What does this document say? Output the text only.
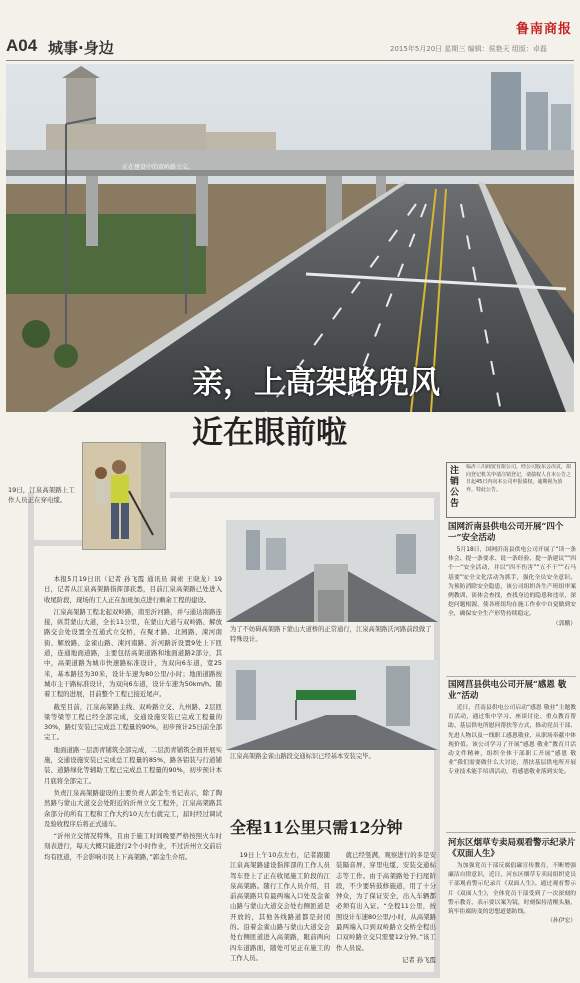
鲁南商报
A04 城事·身边	2015年5月20日 星期三 编辑：侯艳天 组版：卓磊
正在建设中的双岭路立交。
亲，上高架路兜风
近在眼前啦
19日，江泉高架路上工作人员正在穿电缆。

本报5月19日讯（记者 孙飞霞 通讯员 阎索 王晓龙）19日，记者从江泉高架路指挥部获悉，目前江泉高架路已处进入收尾阶段，现场的工人正在加班加点进行剩余工程的建设。

江泉高架路工程北起双岭路，南至沂河路，并与通达南路连接，纵贯蒙山大道，全长11公里，在蒙山大道与双岭路、解放路交会处设置全互通式立交桥，在聚才路、北园路、涑河南街、解放路、金雀山路、涑河南路、沂河路沂设置9处上下匝道，连通地面道路，主要包括高架道路和地面道路2部分，其中，高架道路为城市快速路标准设计，为双向6车道，宽25米，基本路径为30米，设计车速为80公里/小时；地面道路按城市主干路标准设计，为双向6车道，设计车速为50km/h。随着工程的进展，目前整个工程已接近尾声。

截至目前，江泉高架路主线、双岭路立交、九州路、2层匝梁等梁等工程已经全部完成，交通设施安装已完成工程量的30%，路灯安装已完成总工程量的90%，初步预计25日前全部完工。

地面道路一层沥青铺筑全部完成，二层沥青铺筑全面开展实施，交通设施安装已完成总工程量的85%，路各铝装与行道铺装、道路绿化等辅助工程已完成总工程量的90%，初步预计本月底将全部完工。

负责江泉高架路建设的主要负责人郭金生书记表示，除了陶然路与蒙山大道交会处附近的沂州立交工程外，江泉高架路其余部分的所有工程和工作大约10天左右就完工，届时经过调试及验收程序后将正式通车。

“沂州立交情况特殊，且由于施工时间晚要严格按照火车时刻表进行，每天大概只能进行2个小时作业，不过沂州立交前后均有匝道，不会影响市民上下高架路，”郭金生介绍。

为了不妨碍高架路下蒙山大道桥的正常通行，江泉高架路沃河路前段做了特殊设计。
江泉高架路金雀山路段交通标识已经基本安装完毕。
全程11公里只需12分钟

19日上午10点左右，记者跟随江泉高架路建设指挥部的工作人员驾车登上了正在收尾施工阶段的江泉高架路。随行工作人员介绍，目前高架路只有最两端入口处及金雀山路与蒙山大道交会处右侧匝道是开放的，其他各线路道都是封闭的。沿着金雀山路与蒙山大道交会处右侧匝道进入高架路，眼前两向四车道路面，随处可见正在施工的工作人员。

就已经竖满，观察进行的多是安装隔音屏、穿里电缆、安装交通标志等工作。由于高架路处于扫尾阶段，不少要转鼓修施道，用了十分钟众，为了保证安全，出入车辆都必须有出入证。“全程11公里，按照设计车速80公里/小时，从高架路最两端入口到双岭路立交桥全程出口双岭路立交只需要12分钟。”该工作人员说。

记者 孙飞霞

注销公告
临沂三川商贸有限公司，经公司股东会决议，拟向登记机关申请注销登记，请债权人自本公告之日起45日内向本公司申报债权，逾期视为放弃。特此公告。
国网沂南县供电公司开展“四个一”安全活动

5月18日，国网沂南县供电公司开展了“读一条体会、提一条要求、说一条经验、提一条建议”“四个一”安全活动，并以“四不伤害”“五不干”“石马基要”安全文化活动为抓手，强化全员安全意识。为预防消除安全隐患，该公司组织各生产班组审案例教训、谈体会查找，查找身边的隐患和违章，深挖问题根源，使各班组均在施工作业中自觉做到安全，确保安全生产形势持续稳定。

（郭鹏）

国网莒县供电公司开展“感恩 敬业”活动

近日，莒南县供电公司启动“感恩 敬业”主题教育活动，通过集中学习、座谈讨论、重点教育帮助、基层供电所慰问帮扶等方式，推动党员干部、先进人物以及一线职工感恩敬业、从职场奉献中体现价值。该公司学习了开展“感恩 敬业”教育月活动文件精神，组织全体干部职工开展“感恩 敬业”我们需要做什么大讨论，帮扶基层供电所开展专业技术能手培训活动，将感恩敬业落到实处。

河东区烟草专卖局观看警示纪录片《双面人生》

为加强党员干部反腐倡廉宣传教育，不断增强廉洁自律意识，近日，河东区烟草专卖局组织党员干部观看警示纪录片《双面人生》。通过观看警示片《双面人生》，全体党员干部受到了一次深刻的警示教育，表示要以案为镜，时刻保持清醒头脑，筑牢拒腐防变的思想道德防线。

（孙伊宏）
